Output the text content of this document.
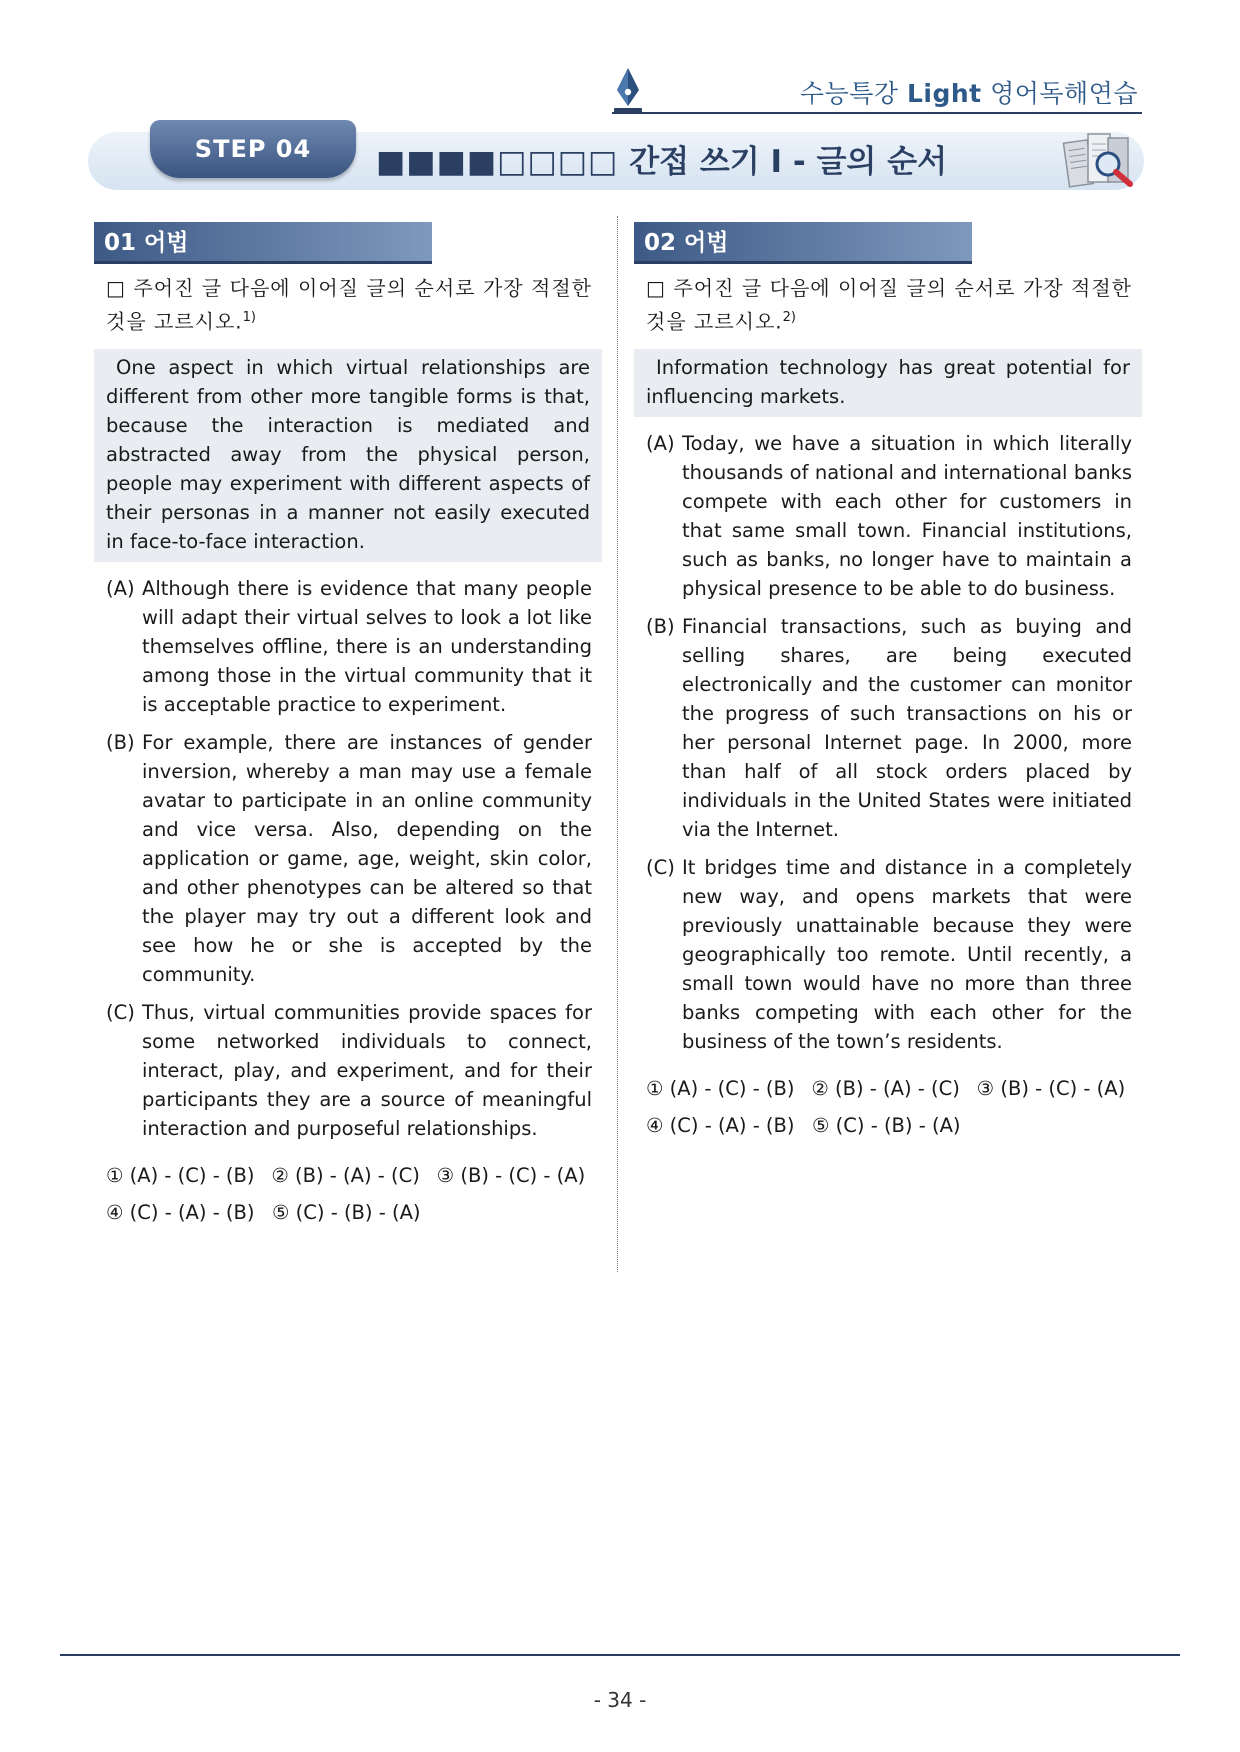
수능특강 Light 영어독해연습
STEP 04	■■■■□□□□ 간접 쓰기 I - 글의 순서
01 어법
□ 주어진 글 다음에 이어질 글의 순서로 가장 적절한 것을 고르시오.$^{1)}$
One aspect in which virtual relationships are different from other more tangible forms is that, because the interaction is mediated and abstracted away from the physical person, people may experiment with different aspects of their personas in a manner not easily executed in face-to-face interaction.
(A) Although there is evidence that many people will adapt their virtual selves to look a lot like themselves offline, there is an understanding among those in the virtual community that it is acceptable practice to experiment.
(B) For example, there are instances of gender inversion, whereby a man may use a female avatar to participate in an online community and vice versa. Also, depending on the application or game, age, weight, skin color, and other phenotypes can be altered so that the player may try out a different look and see how he or she is accepted by the community.
(C) Thus, virtual communities provide spaces for some networked individuals to connect, interact, play, and experiment, and for their participants they are a source of meaningful interaction and purposeful relationships.
① (A) - (C) - (B) ② (B) - (A) - (C) ③ (B) - (C) - (A)
④ (C) - (A) - (B) ⑤ (C) - (B) - (A)
02 어법
□ 주어진 글 다음에 이어질 글의 순서로 가장 적절한 것을 고르시오.$^{2)}$
Information technology has great potential for influencing markets.
(A) Today, we have a situation in which literally thousands of national and international banks compete with each other for customers in that same small town. Financial institutions, such as banks, no longer have to maintain a physical presence to be able to do business.
(B) Financial transactions, such as buying and selling shares, are being executed electronically and the customer can monitor the progress of such transactions on his or her personal Internet page. In 2000, more than half of all stock orders placed by individuals in the United States were initiated via the Internet.
(C) It bridges time and distance in a completely new way, and opens markets that were previously unattainable because they were geographically too remote. Until recently, a small town would have no more than three banks competing with each other for the business of the town’s residents.
① (A) - (C) - (B) ② (B) - (A) - (C) ③ (B) - (C) - (A)
④ (C) - (A) - (B) ⑤ (C) - (B) - (A)
- 34 -
